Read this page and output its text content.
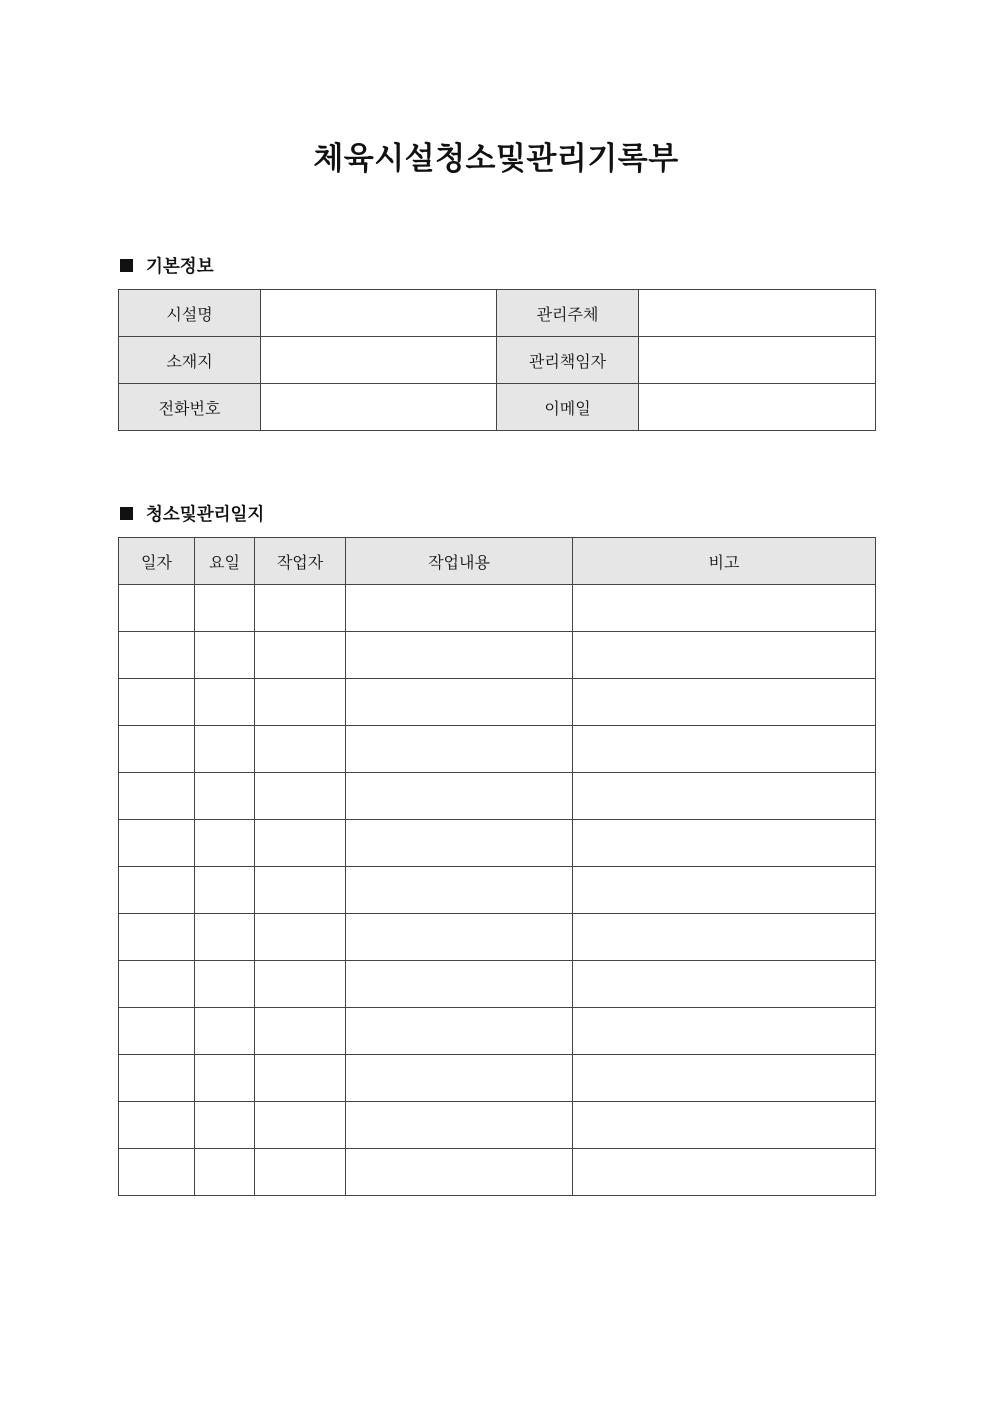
체육시설청소및관리기록부
기본정보
시설명		관리주체	
소재지		관리책임자	
전화번호		이메일	
청소및관리일지
일자	요일	작업자	작업내용	비고
